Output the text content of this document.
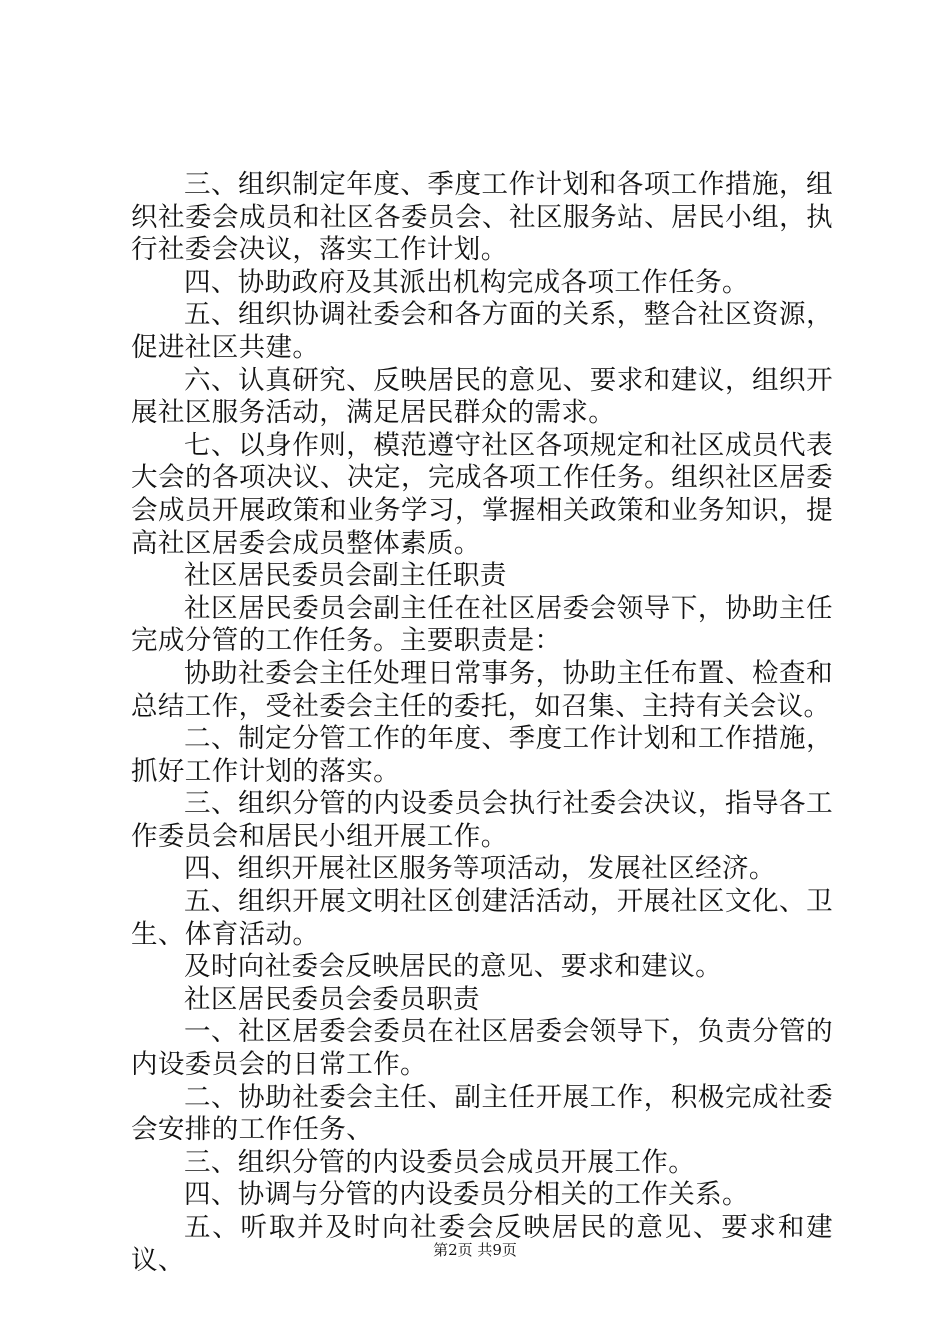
三、组织制定年度、季度工作计划和各项工作措施，组织社委会成员和社区各委员会、社区服务站、居民小组，执行社委会决议，落实工作计划。

四、协助政府及其派出机构完成各项工作任务。

五、组织协调社委会和各方面的关系，整合社区资源，促进社区共建。

六、认真研究、反映居民的意见、要求和建议，组织开展社区服务活动，满足居民群众的需求。

七、以身作则，模范遵守社区各项规定和社区成员代表大会的各项决议、决定，完成各项工作任务。组织社区居委会成员开展政策和业务学习，掌握相关政策和业务知识，提高社区居委会成员整体素质。

社区居民委员会副主任职责

社区居民委员会副主任在社区居委会领导下，协助主任完成分管的工作任务。主要职责是：

协助社委会主任处理日常事务，协助主任布置、检查和总结工作，受社委会主任的委托，如召集、主持有关会议。

二、制定分管工作的年度、季度工作计划和工作措施，抓好工作计划的落实。

三、组织分管的内设委员会执行社委会决议，指导各工作委员会和居民小组开展工作。

四、组织开展社区服务等项活动，发展社区经济。

五、组织开展文明社区创建活活动，开展社区文化、卫生、体育活动。

及时向社委会反映居民的意见、要求和建议。

社区居民委员会委员职责

一、社区居委会委员在社区居委会领导下，负责分管的内设委员会的日常工作。

二、协助社委会主任、副主任开展工作，积极完成社委会安排的工作任务、

三、组织分管的内设委员会成员开展工作。

四、协调与分管的内设委员分相关的工作关系。

五、听取并及时向社委会反映居民的意见、要求和建议、	第2页 共9页
